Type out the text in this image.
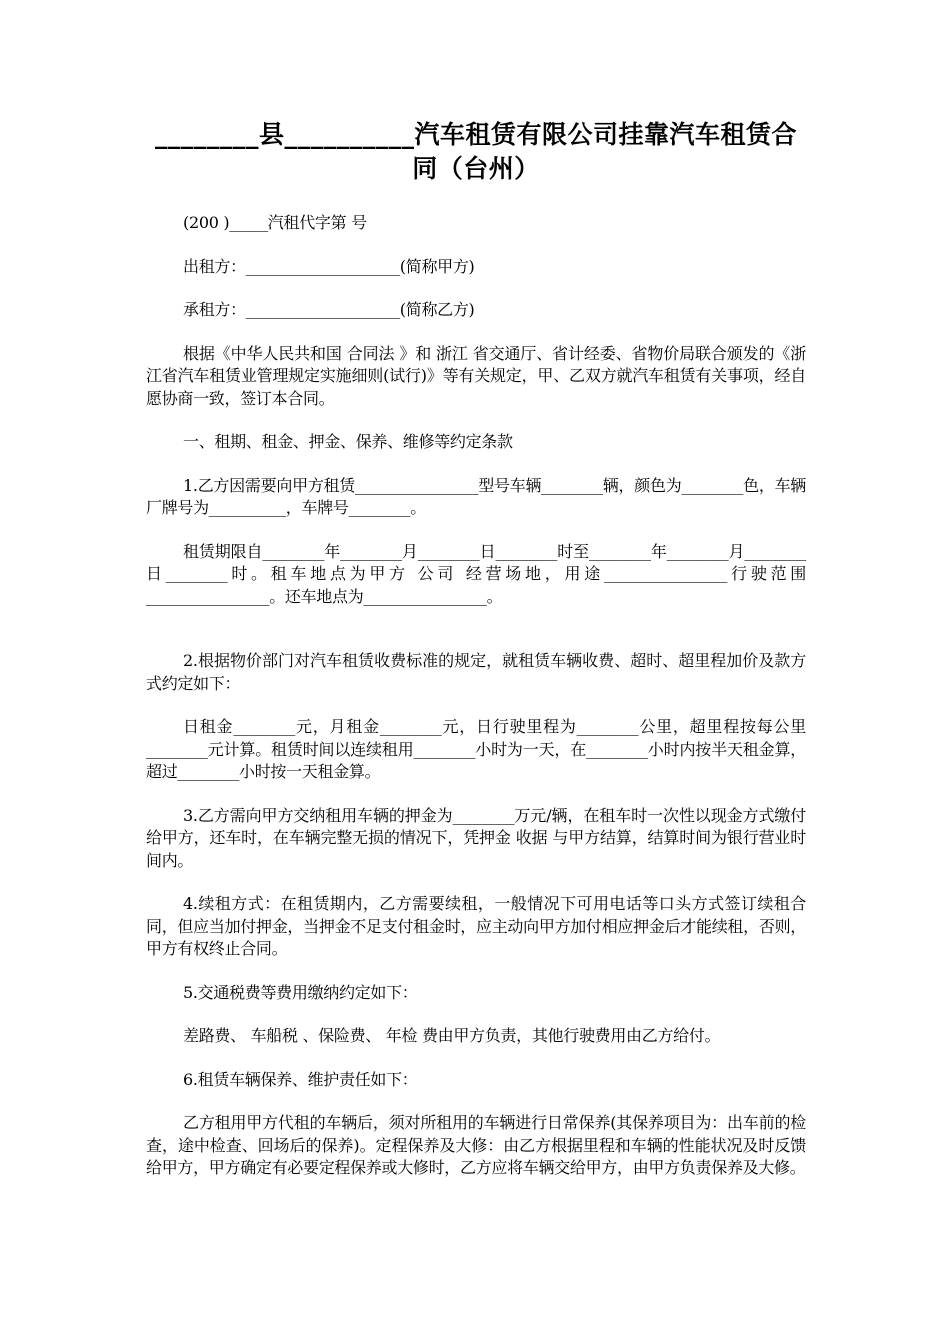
________县__________汽车租赁有限公司挂靠汽车租赁合同（台州）
(200 )_____汽租代字第 号
出租方：____________________(简称甲方)
承租方：____________________(简称乙方)
根据《中华人民共和国 合同法 》和 浙江 省交通厅、省计经委、省物价局联合颁发的《浙江省汽车租赁业管理规定实施细则(试行)》等有关规定，甲、乙双方就汽车租赁有关事项，经自愿协商一致，签订本合同。
一、租期、租金、押金、保养、维修等约定条款
1.乙方因需要向甲方租赁________________型号车辆________辆，颜色为________色，车辆厂牌号为__________，车牌号________。
租赁期限自________年________月________日________时至________年________月________日________时。租车地点为甲方 公司 经营场地，用途________________行驶范围________________。还车地点为________________。
2.根据物价部门对汽车租赁收费标准的规定，就租赁车辆收费、超时、超里程加价及款方式约定如下：
日租金________元，月租金________元，日行驶里程为________公里，超里程按每公里________元计算。租赁时间以连续租用________小时为一天，在________小时内按半天租金算，超过________小时按一天租金算。
3.乙方需向甲方交纳租用车辆的押金为________万元/辆，在租车时一次性以现金方式缴付给甲方，还车时，在车辆完整无损的情况下，凭押金 收据 与甲方结算，结算时间为银行营业时间内。
4.续租方式：在租赁期内，乙方需要续租，一般情况下可用电话等口头方式签订续租合同，但应当加付押金，当押金不足支付租金时，应主动向甲方加付相应押金后才能续租，否则，甲方有权终止合同。
5.交通税费等费用缴纳约定如下：
差路费、 车船税 、保险费、 年检 费由甲方负责，其他行驶费用由乙方给付。
6.租赁车辆保养、维护责任如下：
乙方租用甲方代租的车辆后，须对所租用的车辆进行日常保养(其保养项目为：出车前的检查，途中检查、回场后的保养)。定程保养及大修：由乙方根据里程和车辆的性能状况及时反馈给甲方，甲方确定有必要定程保养或大修时，乙方应将车辆交给甲方，由甲方负责保养及大修。
